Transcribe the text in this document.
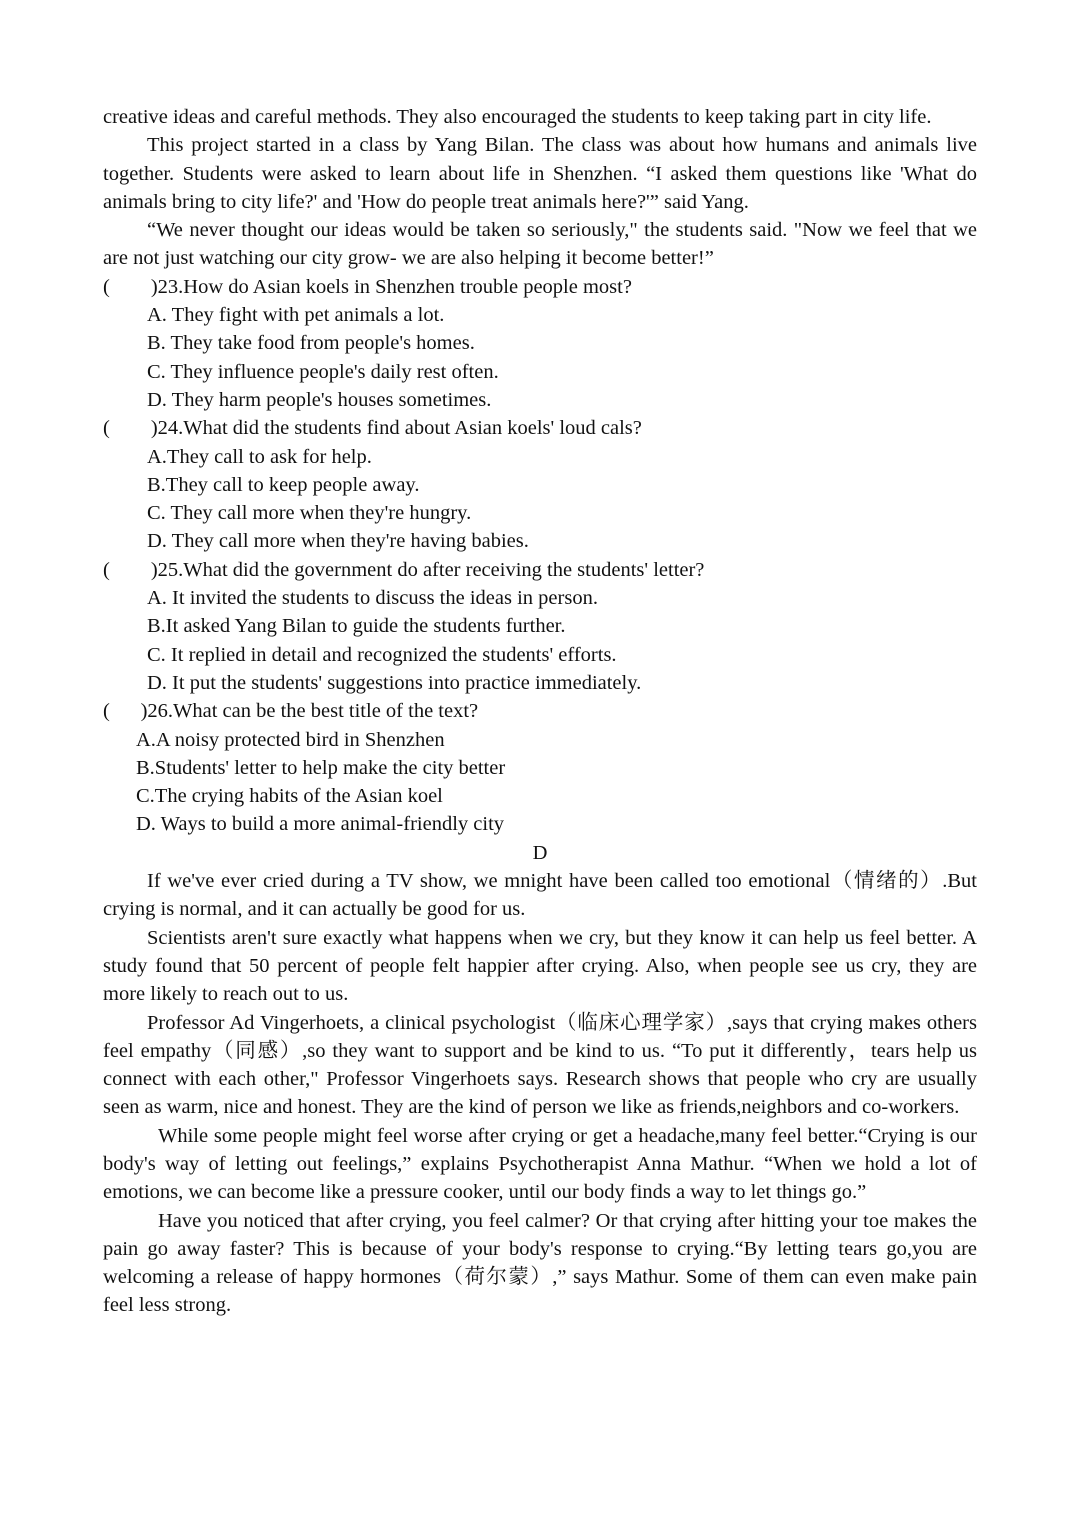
creative ideas and careful methods. They also encouraged the students to keep taking part in city life.

This project started in a class by Yang Bilan. The class was about how humans and animals live together. Students were asked to learn about life in Shenzhen. “I asked them questions like 'What do animals bring to city life?' and 'How do people treat animals here?'” said Yang.

“We never thought our ideas would be taken so seriously," the students said. "Now we feel that we are not just watching our city grow- we are also helping it become better!”

(        )23.How do Asian koels in Shenzhen trouble people most?

A. They fight with pet animals a lot.

B. They take food from people's homes.

C. They influence people's daily rest often.

D. They harm people's houses sometimes.

(        )24.What did the students find about Asian koels' loud cals?

A.They call to ask for help.

B.They call to keep people away.

C. They call more when they're hungry.

D. They call more when they're having babies.

(        )25.What did the government do after receiving the students' letter?

A. It invited the students to discuss the ideas in person.

B.It asked Yang Bilan to guide the students further.

C. It replied in detail and recognized the students' efforts.

D. It put the students' suggestions into practice immediately.

(      )26.What can be the best title of the text?

A.A noisy protected bird in Shenzhen

B.Students' letter to help make the city better

C.The crying habits of the Asian koel

D. Ways to build a more animal-friendly city

D

If we've ever cried during a TV show, we mnight have been called too emotional（情绪的）.But crying is normal, and it can actually be good for us.

Scientists aren't sure exactly what happens when we cry, but they know it can help us feel better. A study found that 50 percent of people felt happier after crying. Also, when people see us cry, they are more likely to reach out to us.

Professor Ad Vingerhoets, a clinical psychologist（临床心理学家）,says that crying makes others feel empathy（同感）,so they want to support and be kind to us. “To put it differently，tears help us connect with each other," Professor Vingerhoets says. Research shows that people who cry are usually seen as warm, nice and honest. They are the kind of person we like as friends,neighbors and co-workers.

While some people might feel worse after crying or get a headache,many feel better.“Crying is our body's way of letting out feelings,” explains Psychotherapist Anna Mathur. “When we hold a lot of emotions, we can become like a pressure cooker, until our body finds a way to let things go.”

Have you noticed that after crying, you feel calmer? Or that crying after hitting your toe makes the pain go away faster? This is because of your body's response to crying.“By letting tears go,you are welcoming a release of happy hormones（荷尔蒙）,” says Mathur. Some of them can even make pain feel less strong.
